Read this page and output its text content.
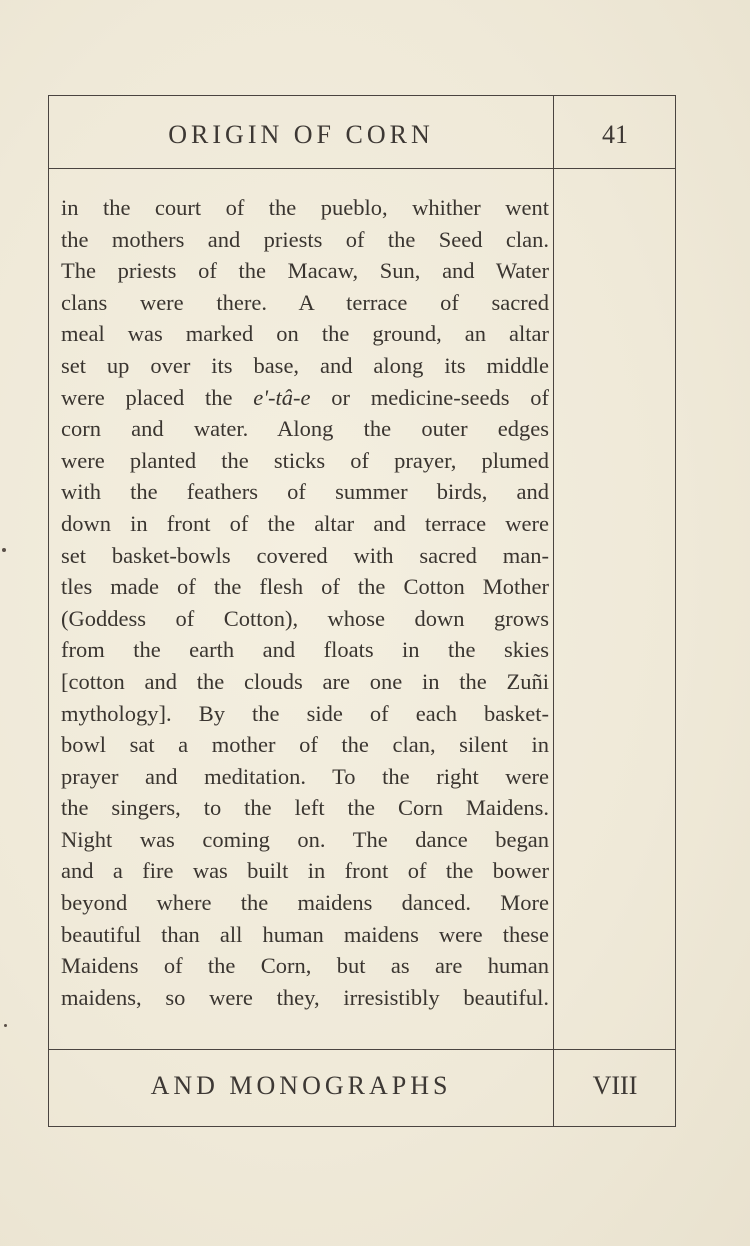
ORIGIN OF CORN	41
in the court of the pueblo, whither went
the mothers and priests of the Seed clan.
The priests of the Macaw, Sun, and Water
clans were there. A terrace of sacred
meal was marked on the ground, an altar
set up over its base, and along its middle
were placed the e'-tâ-e or medicine-seeds of
corn and water. Along the outer edges
were planted the sticks of prayer, plumed
with the feathers of summer birds, and
down in front of the altar and terrace were
set basket-bowls covered with sacred man-
tles made of the flesh of the Cotton Mother
(Goddess of Cotton), whose down grows
from the earth and floats in the skies
[cotton and the clouds are one in the Zuñi
mythology]. By the side of each basket-
bowl sat a mother of the clan, silent in
prayer and meditation. To the right were
the singers, to the left the Corn Maidens.
Night was coming on. The dance began
and a fire was built in front of the bower
beyond where the maidens danced. More
beautiful than all human maidens were these
Maidens of the Corn, but as are human
maidens, so were they, irresistibly beautiful.
AND MONOGRAPHS	VIII
